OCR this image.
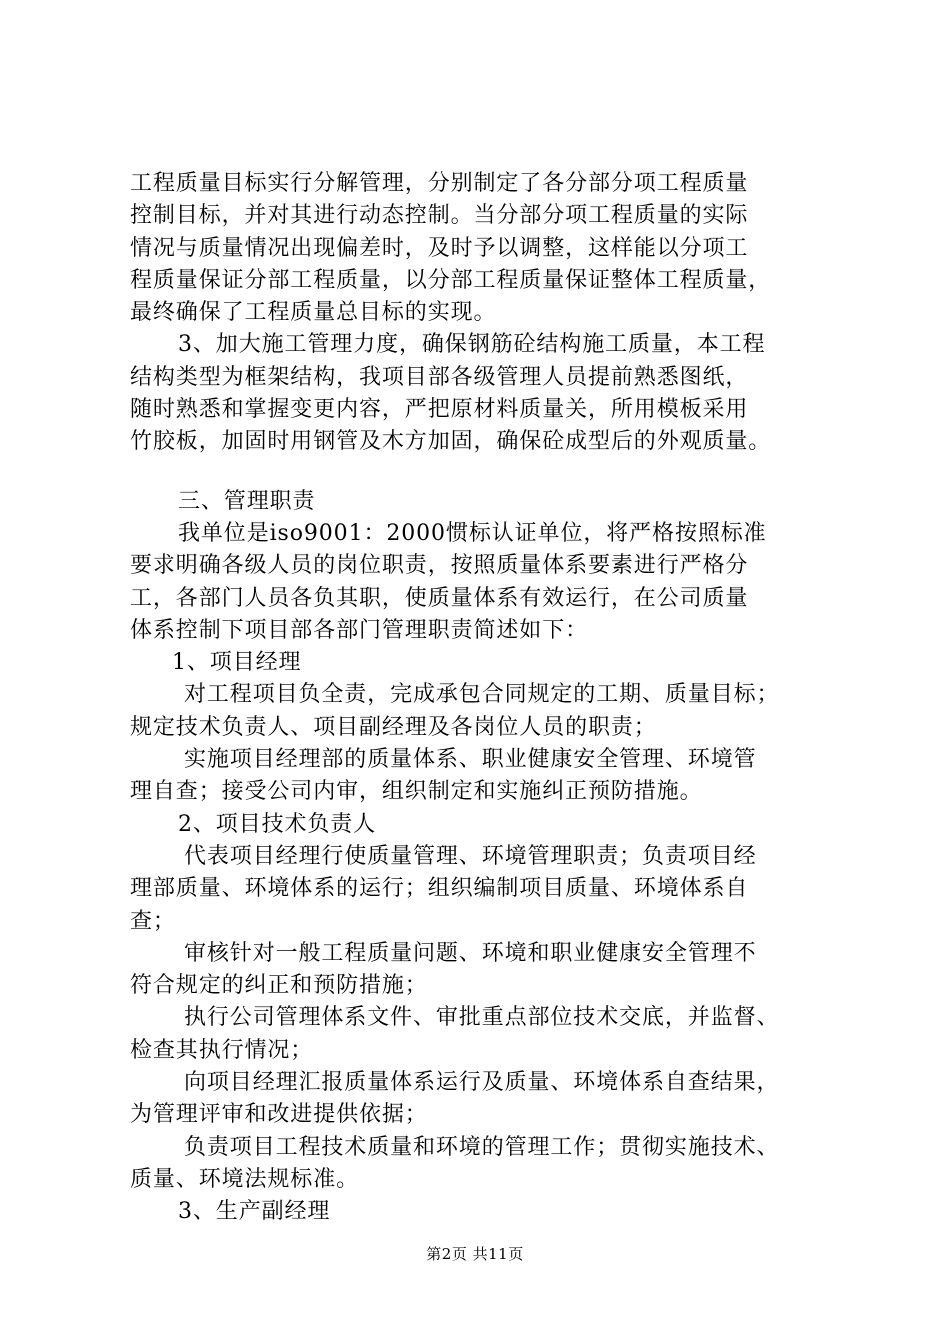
工程质量目标实行分解管理，分别制定了各分部分项工程质量
控制目标，并对其进行动态控制。当分部分项工程质量的实际
情况与质量情况出现偏差时，及时予以调整，这样能以分项工
程质量保证分部工程质量，以分部工程质量保证整体工程质量，
最终确保了工程质量总目标的实现。
3、加大施工管理力度，确保钢筋砼结构施工质量，本工程
结构类型为框架结构，我项目部各级管理人员提前熟悉图纸，
随时熟悉和掌握变更内容，严把原材料质量关，所用模板采用
竹胶板，加固时用钢管及木方加固，确保砼成型后的外观质量。
三、管理职责
我单位是iso9001：2000惯标认证单位，将严格按照标准
要求明确各级人员的岗位职责，按照质量体系要素进行严格分
工，各部门人员各负其职，使质量体系有效运行，在公司质量
体系控制下项目部各部门管理职责简述如下：
1、项目经理
对工程项目负全责，完成承包合同规定的工期、质量目标；
规定技术负责人、项目副经理及各岗位人员的职责；
实施项目经理部的质量体系、职业健康安全管理、环境管
理自查；接受公司内审，组织制定和实施纠正预防措施。
2、项目技术负责人
代表项目经理行使质量管理、环境管理职责；负责项目经
理部质量、环境体系的运行；组织编制项目质量、环境体系自
查；
审核针对一般工程质量问题、环境和职业健康安全管理不
符合规定的纠正和预防措施；
执行公司管理体系文件、审批重点部位技术交底，并监督、
检查其执行情况；
向项目经理汇报质量体系运行及质量、环境体系自查结果，
为管理评审和改进提供依据；
负责项目工程技术质量和环境的管理工作；贯彻实施技术、
质量、环境法规标准。
3、生产副经理
第2页 共11页
